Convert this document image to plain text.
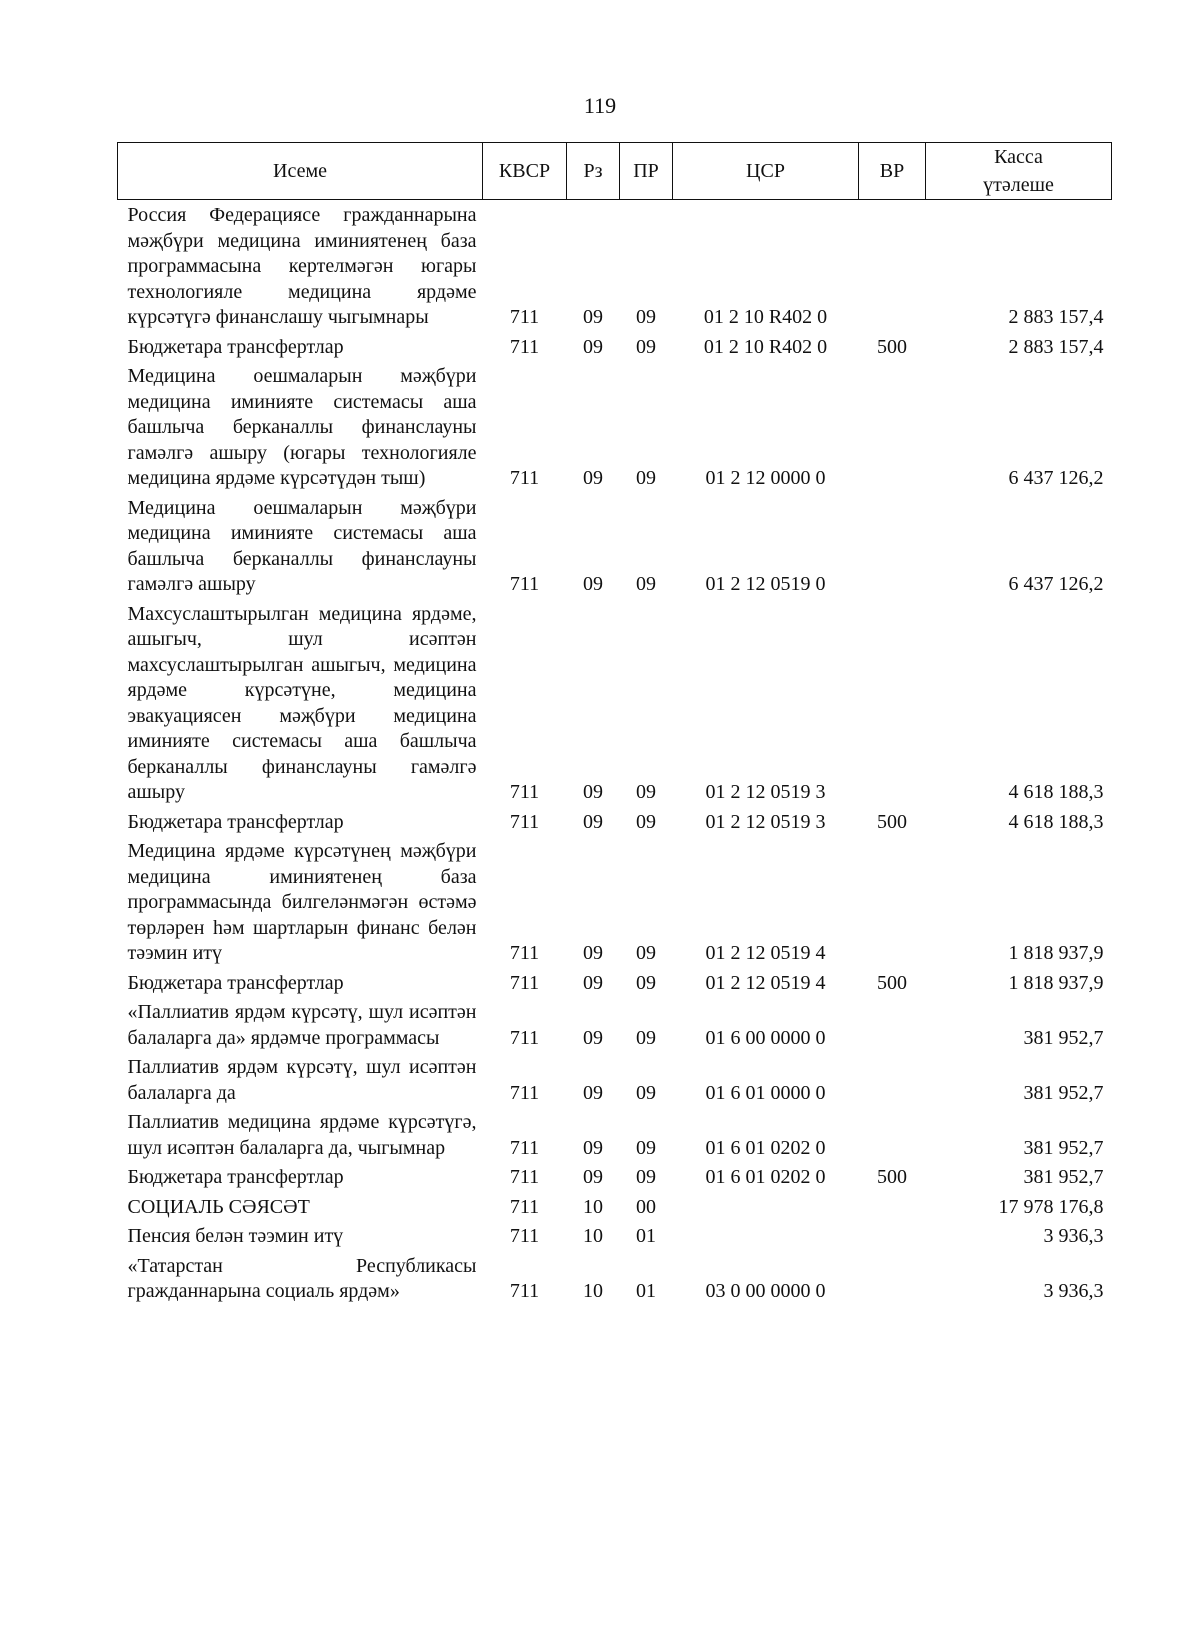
119
Исеме	КВСР	Рз	ПР	ЦСР	ВР	Касса
үтәлеше
Россия Федерациясе гражданнарына мәҗбүри медицина иминиятенең база программасына кертелмәгән югары технологияле медицина ярдәме күрсәтүгә финанслашу чыгымнары	711	09	09	01 2 10 R402 0		2 883 157,4
Бюджетара трансфертлар	711	09	09	01 2 10 R402 0	500	2 883 157,4
Медицина оешмаларын мәҗбүри медицина иминияте системасы аша башлыча берканаллы финанслауны гамәлгә ашыру (югары технологияле медицина ярдәме күрсәтүдән тыш)	711	09	09	01 2 12 0000 0		6 437 126,2
Медицина оешмаларын мәҗбүри медицина иминияте системасы аша башлыча берканаллы финанслауны гамәлгә ашыру	711	09	09	01 2 12 0519 0		6 437 126,2
Махсуслаштырылган медицина ярдәме, ашыгыч, шул исәптән махсуслаштырылган ашыгыч, медицина ярдәме күрсәтүне, медицина эвакуациясен мәҗбүри медицина иминияте системасы аша башлыча берканаллы финанслауны гамәлгә ашыру	711	09	09	01 2 12 0519 3		4 618 188,3
Бюджетара трансфертлар	711	09	09	01 2 12 0519 3	500	4 618 188,3
Медицина ярдәме күрсәтүнең мәҗбүри медицина иминиятенең база программасында билгеләнмәгән өстәмә төрләрен һәм шартларын финанс белән тәэмин итү	711	09	09	01 2 12 0519 4		1 818 937,9
Бюджетара трансфертлар	711	09	09	01 2 12 0519 4	500	1 818 937,9
«Паллиатив ярдәм күрсәтү, шул исәптән балаларга да» ярдәмче программасы	711	09	09	01 6 00 0000 0		381 952,7
Паллиатив ярдәм күрсәтү, шул исәптән балаларга да	711	09	09	01 6 01 0000 0		381 952,7
Паллиатив медицина ярдәме күрсәтүгә, шул исәптән балаларга да, чыгымнар	711	09	09	01 6 01 0202 0		381 952,7
Бюджетара трансфертлар	711	09	09	01 6 01 0202 0	500	381 952,7
СОЦИАЛЬ СӘЯСӘТ	711	10	00			17 978 176,8
Пенсия белән тәэмин итү	711	10	01			3 936,3
«Татарстан Республикасы гражданнарына социаль ярдәм»	711	10	01	03 0 00 0000 0		3 936,3
